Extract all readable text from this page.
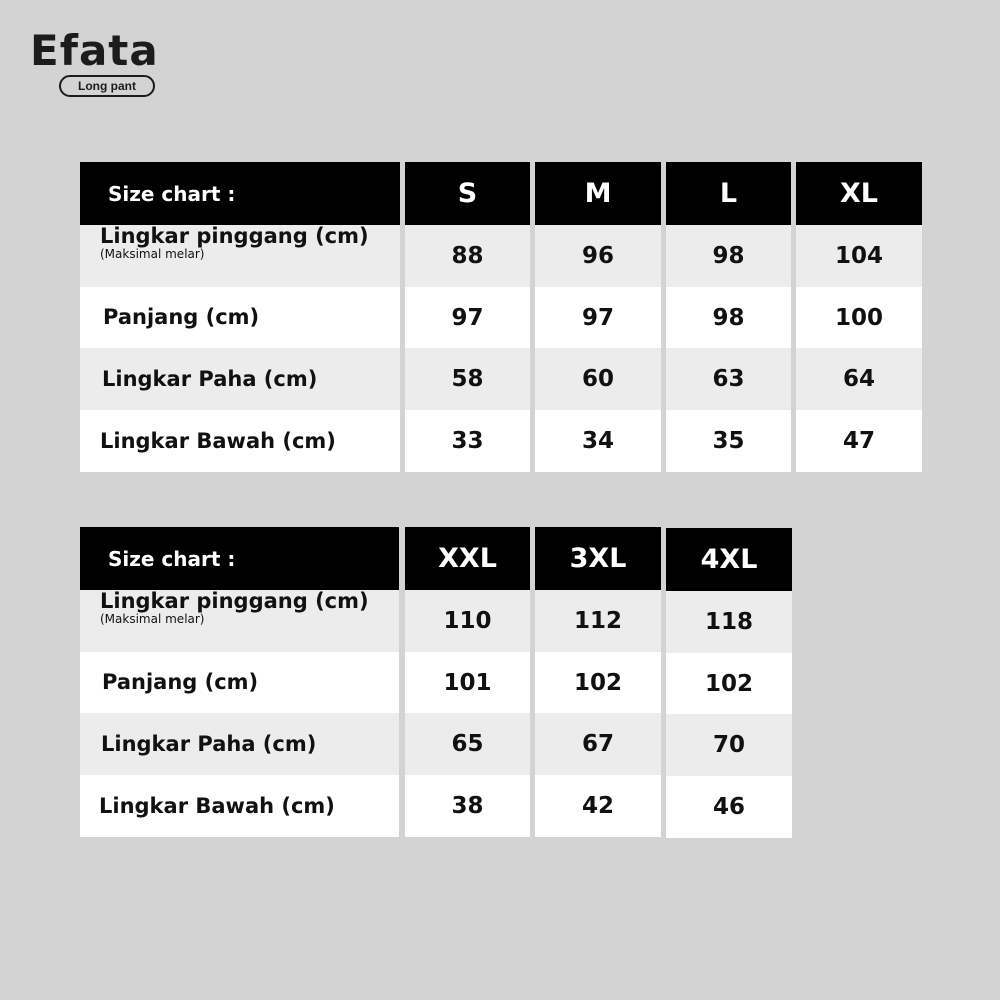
Efata
Long pant
Size chart :
Lingkar pinggang (cm)
(Maksimal melar)
Panjang (cm)
Lingkar Paha (cm)
Lingkar Bawah (cm)
S
88
97
58
33
M
96
97
60
34
L
98
98
63
35
XL
104
100
64
47
Size chart :
Lingkar pinggang (cm)
(Maksimal melar)
Panjang (cm)
Lingkar Paha (cm)
Lingkar Bawah (cm)
XXL
110
101
65
38
3XL
112
102
67
42
4XL
118
102
70
46
